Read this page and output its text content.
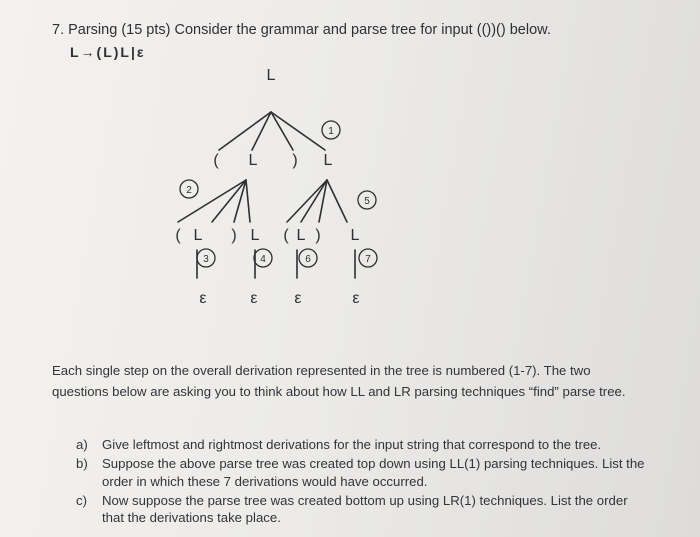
7. Parsing (15 pts) Consider the grammar and parse tree for input (())() below.
L→(L)L|ε
L
( L ) L
( L ) L ( L ) L
ε	ε ε	ε
1
2
3	4
5
6	7
Each single step on the overall derivation represented in the tree is numbered (1-7). The two questions below are asking you to think about how LL and LR parsing techniques “find” parse tree.
a) Give leftmost and rightmost derivations for the input string that correspond to the tree.
b) Suppose the above parse tree was created top down using LL(1) parsing techniques. List the order in which these 7 derivations would have occurred.
c) Now suppose the parse tree was created bottom up using LR(1) techniques. List the order that the derivations take place.
